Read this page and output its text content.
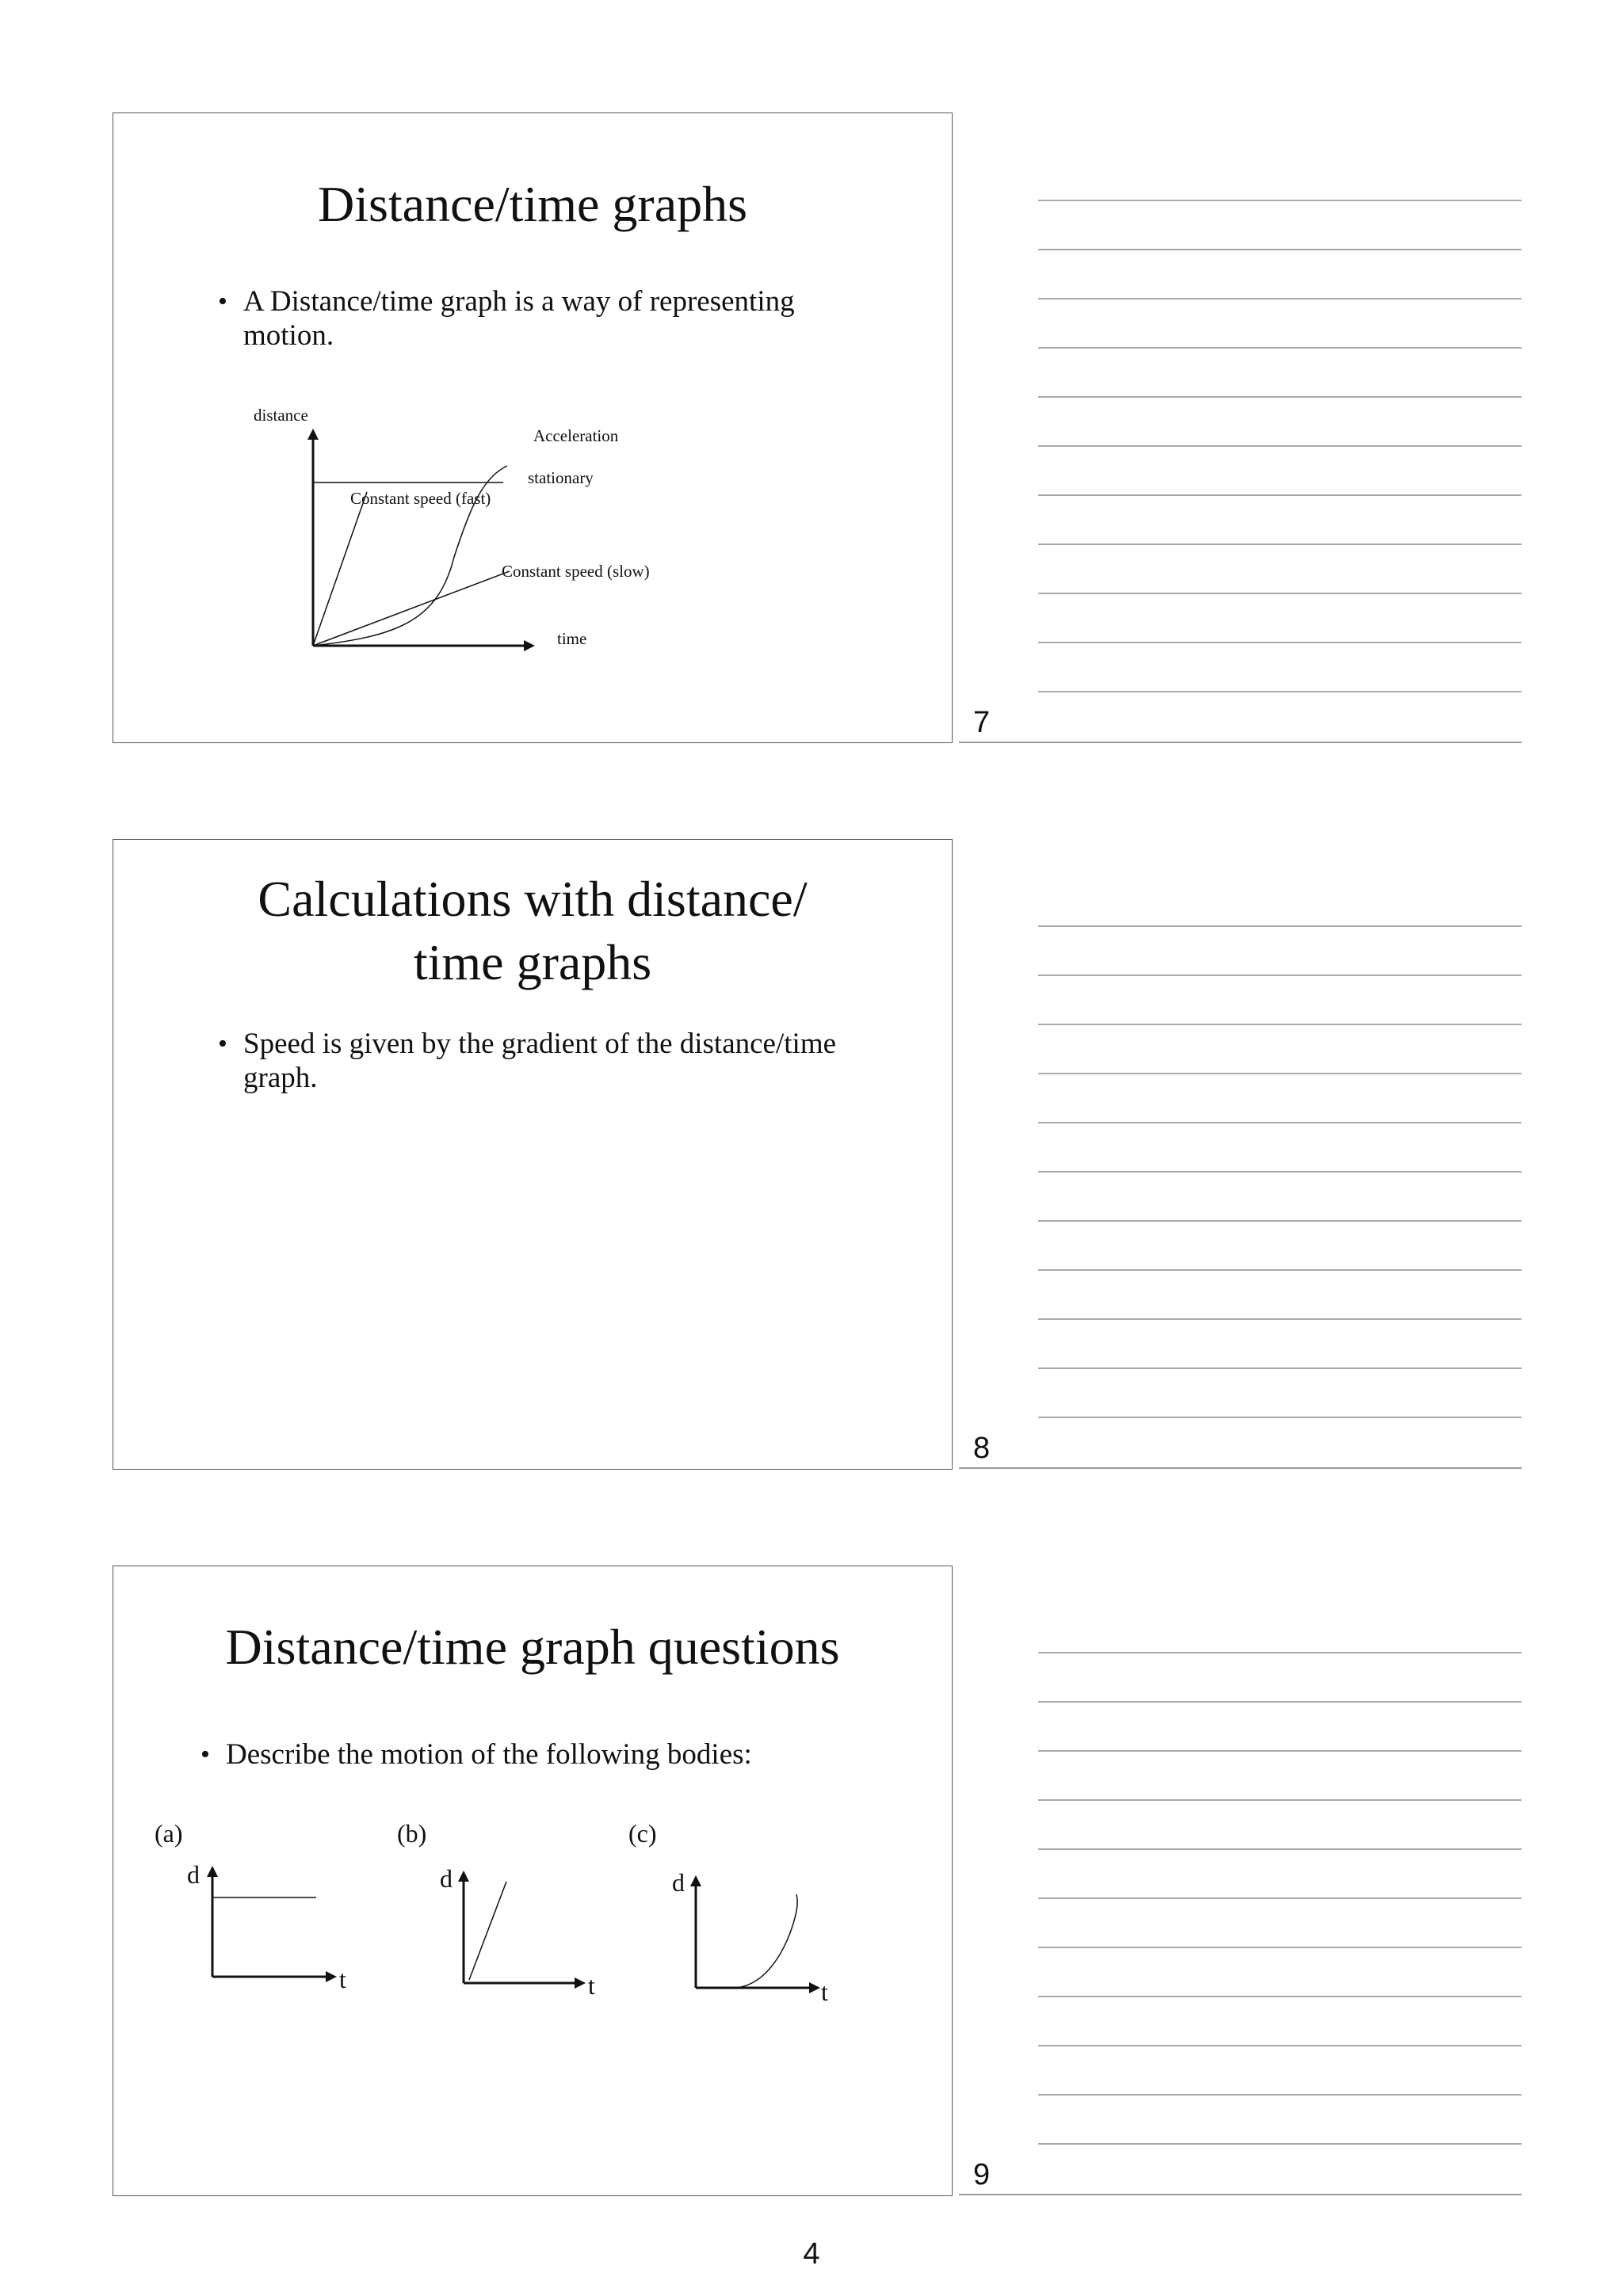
Distance/time graphs
• A Distance/time graph is a way of representing motion.
distance
time
Acceleration
stationary
Constant speed (fast)
Constant speed (slow)
Calculations with distance/
time graphs
• Speed is given by the gradient of the distance/time graph.
Distance/time graph questions
• Describe the motion of the following bodies:
(a)
d
t
(b)
d
t
(c)
d
t
7
8
9
4
